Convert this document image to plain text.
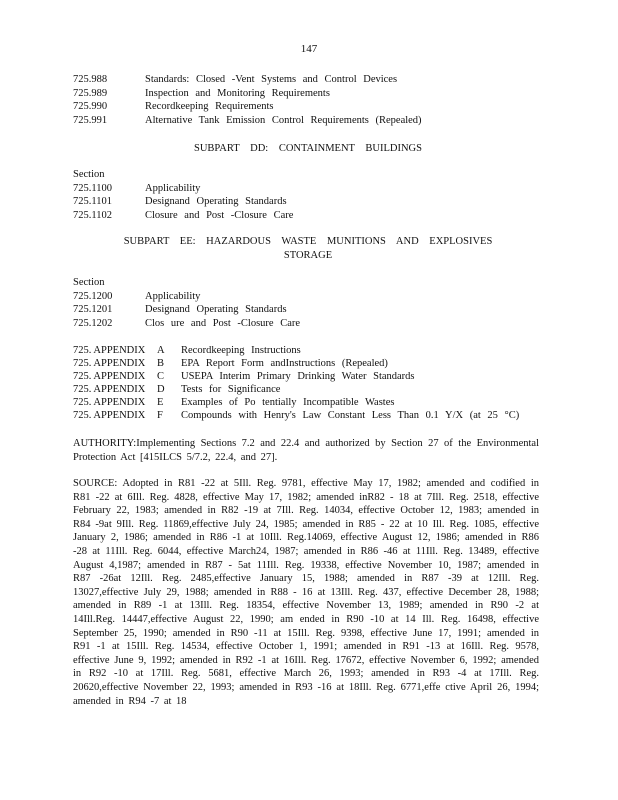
147
725.988	Standards: Closed -Vent Systems and Control Devices
725.989	Inspection and Monitoring Requirements
725.990	Recordkeeping Requirements
725.991	Alternative Tank Emission Control Requirements (Repealed)
SUBPART DD: CONTAINMENT BUILDINGS
Section
725.1100	Applicability
725.1101	Designand Operating Standards
725.1102	Closure and Post -Closure Care
SUBPART EE: HAZARDOUS WASTE MUNITIONS AND EXPLOSIVES
STORAGE
Section
725.1200	Applicability
725.1201	Designand Operating Standards
725.1202	Clos ure and Post -Closure Care
725. APPENDIX	A	Recordkeeping Instructions
725. APPENDIX	B	EPA Report Form andInstructions (Repealed)
725. APPENDIX	C	USEPA Interim Primary Drinking Water Standards
725. APPENDIX	D	Tests for Significance
725. APPENDIX	E	Examples of Po tentially Incompatible Wastes
725. APPENDIX	F	Compounds with Henry's Law Constant Less Than 0.1 Y/X (at 25 °C)
AUTHORITY:Implementing Sections 7.2 and 22.4 and authorized by Section 27 of the Environmental Protection Act [415ILCS 5/7.2, 22.4, and 27].
SOURCE: Adopted in R81 -22 at 5Ill. Reg. 9781, effective May 17, 1982; amended and codified in R81 -22 at 6Ill. Reg. 4828, effective May 17, 1982; amended inR82 - 18 at 7Ill. Reg. 2518, effective February 22, 1983; amended in R82 -19 at 7Ill. Reg. 14034, effective October 12, 1983; amended in R84 -9at 9Ill. Reg. 11869,effective July 24, 1985; amended in R85 - 22 at 10 Ill. Reg. 1085, effective January 2, 1986; amended in R86 -1 at 10Ill. Reg.14069, effective August 12, 1986; amended in R86 -28 at 11Ill. Reg. 6044, effective March24, 1987; amended in R86 -46 at 11Ill. Reg. 13489, effective August 4,1987; amended in R87 - 5at 11Ill. Reg. 19338, effective November 10, 1987; amended in R87 -26at 12Ill. Reg. 2485,effective January 15, 1988; amended in R87 -39 at 12Ill. Reg. 13027,effective July 29, 1988; amended in R88 - 16 at 13Ill. Reg. 437, effective December 28, 1988; amended in R89 -1 at 13Ill. Reg. 18354, effective November 13, 1989; amended in R90 -2 at 14Ill.Reg. 14447,effective August 22, 1990; am ended in R90 -10 at 14 Ill. Reg. 16498, effective September 25, 1990; amended in R90 -11 at 15Ill. Reg. 9398, effective June 17, 1991; amended in R91 -1 at 15Ill. Reg. 14534, effective October 1, 1991; amended in R91 -13 at 16Ill. Reg. 9578, effective June 9, 1992; amended in R92 -1 at 16Ill. Reg. 17672, effective November 6, 1992; amended in R92 -10 at 17Ill. Reg. 5681, effective March 26, 1993; amended in R93 -4 at 17Ill. Reg. 20620,effective November 22, 1993; amended in R93 -16 at 18Ill. Reg. 6771,effe ctive April 26, 1994; amended in R94 -7 at 18
